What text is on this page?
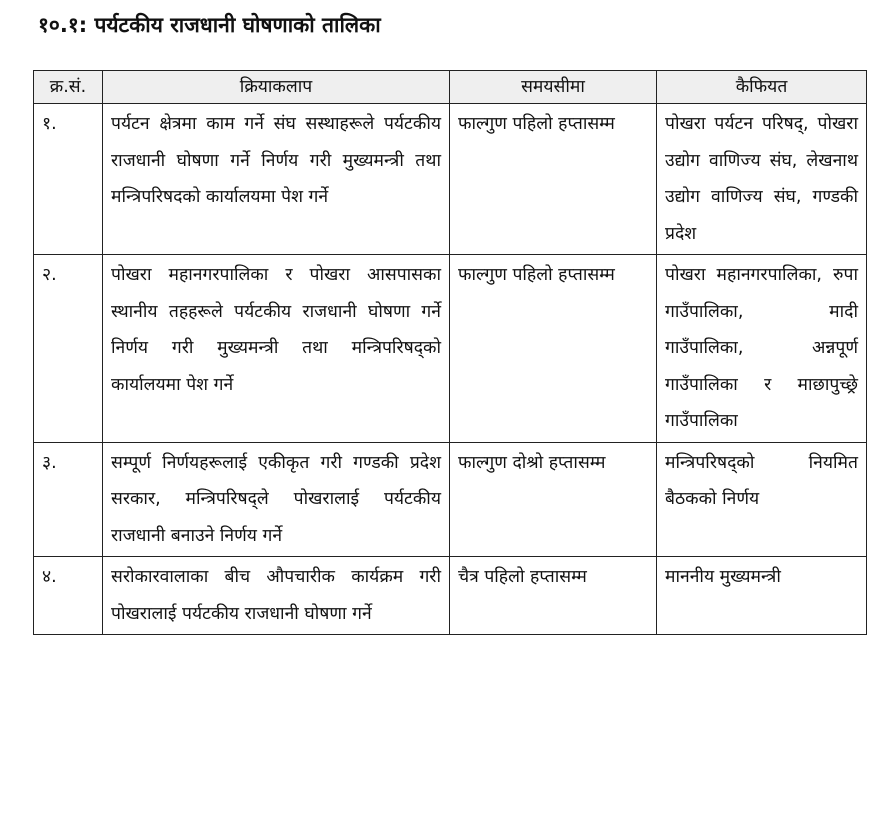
१०.१: पर्यटकीय राजधानी घोषणाको तालिका
क्र.सं.	क्रियाकलाप	समयसीमा	कैफियत
१.	पर्यटन क्षेत्रमा काम गर्ने संघ सस्थाहरूले पर्यटकीय राजधानी घोषणा गर्ने निर्णय गरी मुख्यमन्त्री तथा मन्त्रिपरिषदको कार्यालयमा पेश गर्ने	फाल्गुण पहिलो हप्तासम्म	पोखरा पर्यटन परिषद्, पोखरा उद्योग वाणिज्य संघ, लेखनाथ उद्योग वाणिज्य संघ, गण्डकी प्रदेश
२.	पोखरा महानगरपालिका र पोखरा आसपासका स्थानीय तहहरूले पर्यटकीय राजधानी घोषणा गर्ने निर्णय गरी मुख्यमन्त्री तथा मन्त्रिपरिषद्को कार्यालयमा पेश गर्ने	फाल्गुण पहिलो हप्तासम्म	पोखरा महानगरपालिका, रुपा गाउँपालिका, मादी गाउँपालिका, अन्नपूर्ण गाउँपालिका र माछापुच्छ्रे गाउँपालिका
३.	सम्पूर्ण निर्णयहरूलाई एकीकृत गरी गण्डकी प्रदेश सरकार, मन्त्रिपरिषद्ले पोखरालाई पर्यटकीय राजधानी बनाउने निर्णय गर्ने	फाल्गुण दोश्रो हप्तासम्म	मन्त्रिपरिषद्को नियमित बैठकको निर्णय
४.	सरोकारवालाका बीच औपचारीक कार्यक्रम गरी पोखरालाई पर्यटकीय राजधानी घोषणा गर्ने	चैत्र पहिलो हप्तासम्म	माननीय मुख्यमन्त्री
